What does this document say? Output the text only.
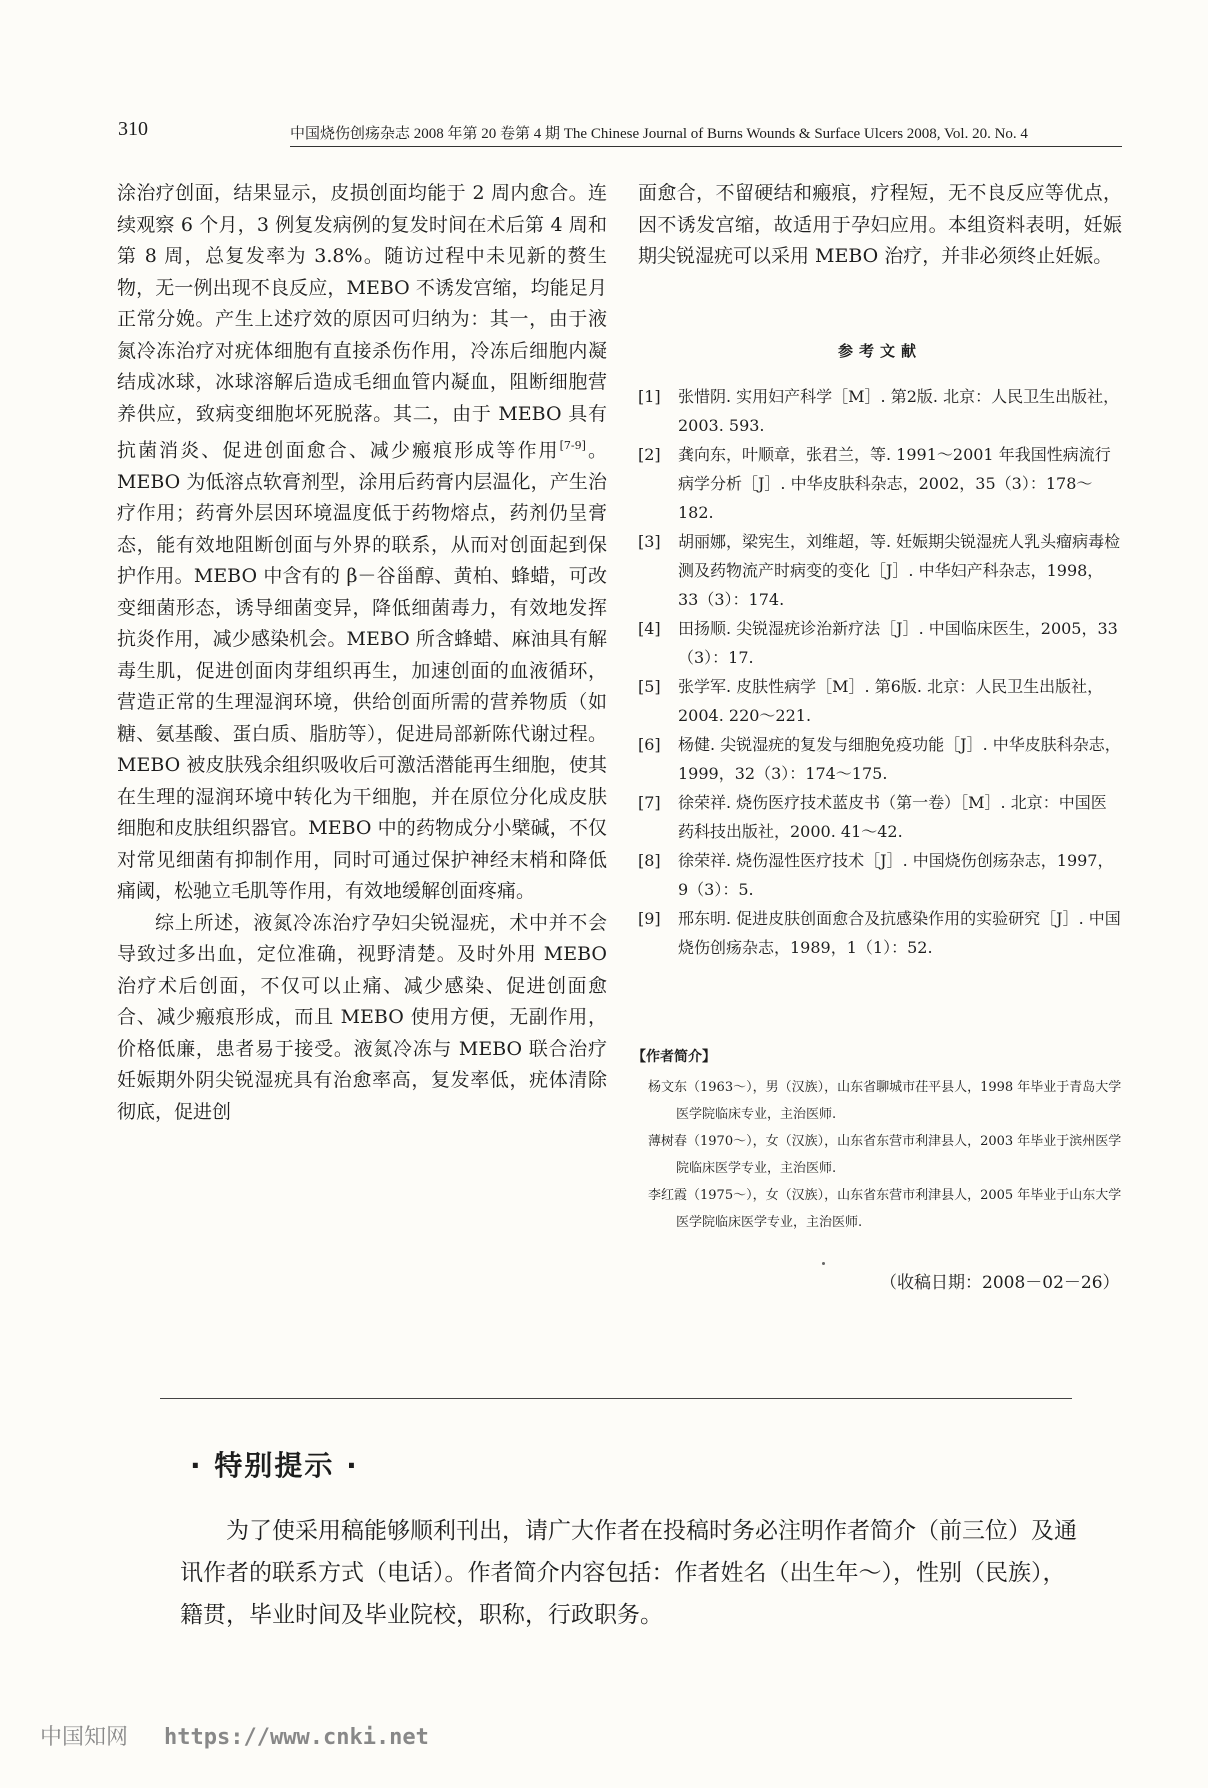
310	中国烧伤创疡杂志 2008 年第 20 卷第 4 期 The Chinese Journal of Burns Wounds & Surface Ulcers 2008, Vol. 20. No. 4

涂治疗创面，结果显示，皮损创面均能于 2 周内愈合。连续观察 6 个月，3 例复发病例的复发时间在术后第 4 周和第 8 周，总复发率为 3.8%。随访过程中未见新的赘生物，无一例出现不良反应，MEBO 不诱发宫缩，均能足月正常分娩。产生上述疗效的原因可归纳为：其一，由于液氮冷冻治疗对疣体细胞有直接杀伤作用，冷冻后细胞内凝结成冰球，冰球溶解后造成毛细血管内凝血，阻断细胞营养供应，致病变细胞坏死脱落。其二，由于 MEBO 具有抗菌消炎、促进创面愈合、减少瘢痕形成等作用[7-9]。MEBO 为低溶点软膏剂型，涂用后药膏内层温化，产生治疗作用；药膏外层因环境温度低于药物熔点，药剂仍呈膏态，能有效地阻断创面与外界的联系，从而对创面起到保护作用。MEBO 中含有的 β－谷甾醇、黄柏、蜂蜡，可改变细菌形态，诱导细菌变异，降低细菌毒力，有效地发挥抗炎作用，减少感染机会。MEBO 所含蜂蜡、麻油具有解毒生肌，促进创面肉芽组织再生，加速创面的血液循环，营造正常的生理湿润环境，供给创面所需的营养物质（如糖、氨基酸、蛋白质、脂肪等），促进局部新陈代谢过程。MEBO 被皮肤残余组织吸收后可激活潜能再生细胞，使其在生理的湿润环境中转化为干细胞，并在原位分化成皮肤细胞和皮肤组织器官。MEBO 中的药物成分小檗碱，不仅对常见细菌有抑制作用，同时可通过保护神经末梢和降低痛阈，松驰立毛肌等作用，有效地缓解创面疼痛。

综上所述，液氮冷冻治疗孕妇尖锐湿疣，术中并不会导致过多出血，定位准确，视野清楚。及时外用 MEBO 治疗术后创面，不仅可以止痛、减少感染、促进创面愈合、减少瘢痕形成，而且 MEBO 使用方便，无副作用，价格低廉，患者易于接受。液氮冷冻与 MEBO 联合治疗妊娠期外阴尖锐湿疣具有治愈率高，复发率低，疣体清除彻底，促进创

面愈合，不留硬结和瘢痕，疗程短，无不良反应等优点，因不诱发宫缩，故适用于孕妇应用。本组资料表明，妊娠期尖锐湿疣可以采用 MEBO 治疗，并非必须终止妊娠。

参考文献
[1]	张惜阴. 实用妇产科学［M］. 第2版. 北京：人民卫生出版社，2003. 593.
[2]	龚向东，叶顺章，张君兰，等. 1991～2001 年我国性病流行病学分析［J］. 中华皮肤科杂志，2002，35（3）：178～182.
[3]	胡丽娜，梁宪生，刘维超，等. 妊娠期尖锐湿疣人乳头瘤病毒检测及药物流产时病变的变化［J］. 中华妇产科杂志，1998，33（3）：174.
[4]	田扬顺. 尖锐湿疣诊治新疗法［J］. 中国临床医生，2005，33（3）：17.
[5]	张学军. 皮肤性病学［M］. 第6版. 北京：人民卫生出版社，2004. 220～221.
[6]	杨健. 尖锐湿疣的复发与细胞免疫功能［J］. 中华皮肤科杂志，1999，32（3）：174～175.
[7]	徐荣祥. 烧伤医疗技术蓝皮书（第一卷）［M］. 北京：中国医药科技出版社，2000. 41～42.
[8]	徐荣祥. 烧伤湿性医疗技术［J］. 中国烧伤创疡杂志，1997，9（3）：5.
[9]	邢东明. 促进皮肤创面愈合及抗感染作用的实验研究［J］. 中国烧伤创疡杂志，1989，1（1）：52.
【作者简介】
杨文东（1963～），男（汉族），山东省聊城市茌平县人，1998 年毕业于青岛大学医学院临床专业，主治医师.
薄树春（1970～），女（汉族），山东省东营市利津县人，2003 年毕业于滨州医学院临床医学专业，主治医师.
李红霞（1975～），女（汉族），山东省东营市利津县人，2005 年毕业于山东大学医学院临床医学专业，主治医师.
（收稿日期：2008－02－26）
· 特别提示 ·

为了使采用稿能够顺利刊出，请广大作者在投稿时务必注明作者简介（前三位）及通讯作者的联系方式（电话）。作者简介内容包括：作者姓名（出生年～），性别（民族），籍贯，毕业时间及毕业院校，职称，行政职务。

中国知网 https://www.cnki.net
